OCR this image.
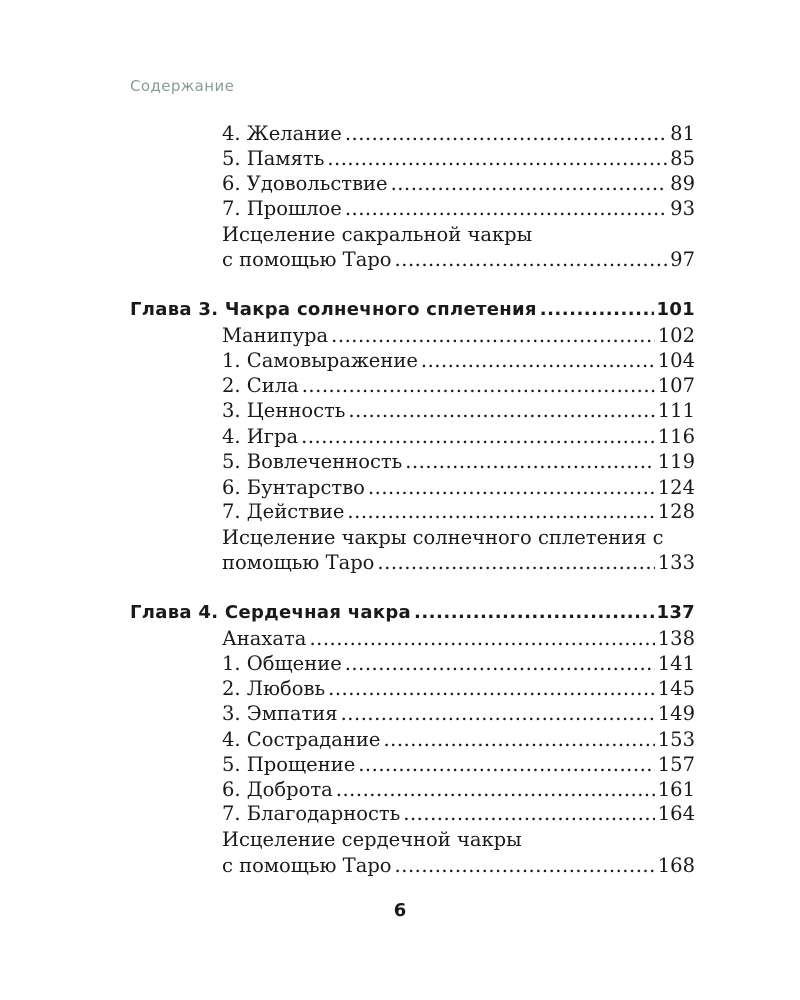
Содержание
4. Желание .....	81
5. Память .....	85
6. Удовольствие .....	89
7. Прошлое .....	93
Исцеление сакральной чакры
с помощью Таро .....	97
Глава 3. Чакра солнечного сплетения .....	101
Манипура .....	102
1. Самовыражение .....	104
2. Сила .....	107
3. Ценность .....	111
4. Игра .....	116
5. Вовлеченность .....	119
6. Бунтарство .....	124
7. Действие .....	128
Исцеление чакры солнечного сплетения с
помощью Таро .....	133
Глава 4. Сердечная чакра .....	137
Анахата .....	138
1. Общение .....	141
2. Любовь .....	145
3. Эмпатия .....	149
4. Сострадание .....	153
5. Прощение .....	157
6. Доброта .....	161
7. Благодарность .....	164
Исцеление сердечной чакры
с помощью Таро .....	168
6
